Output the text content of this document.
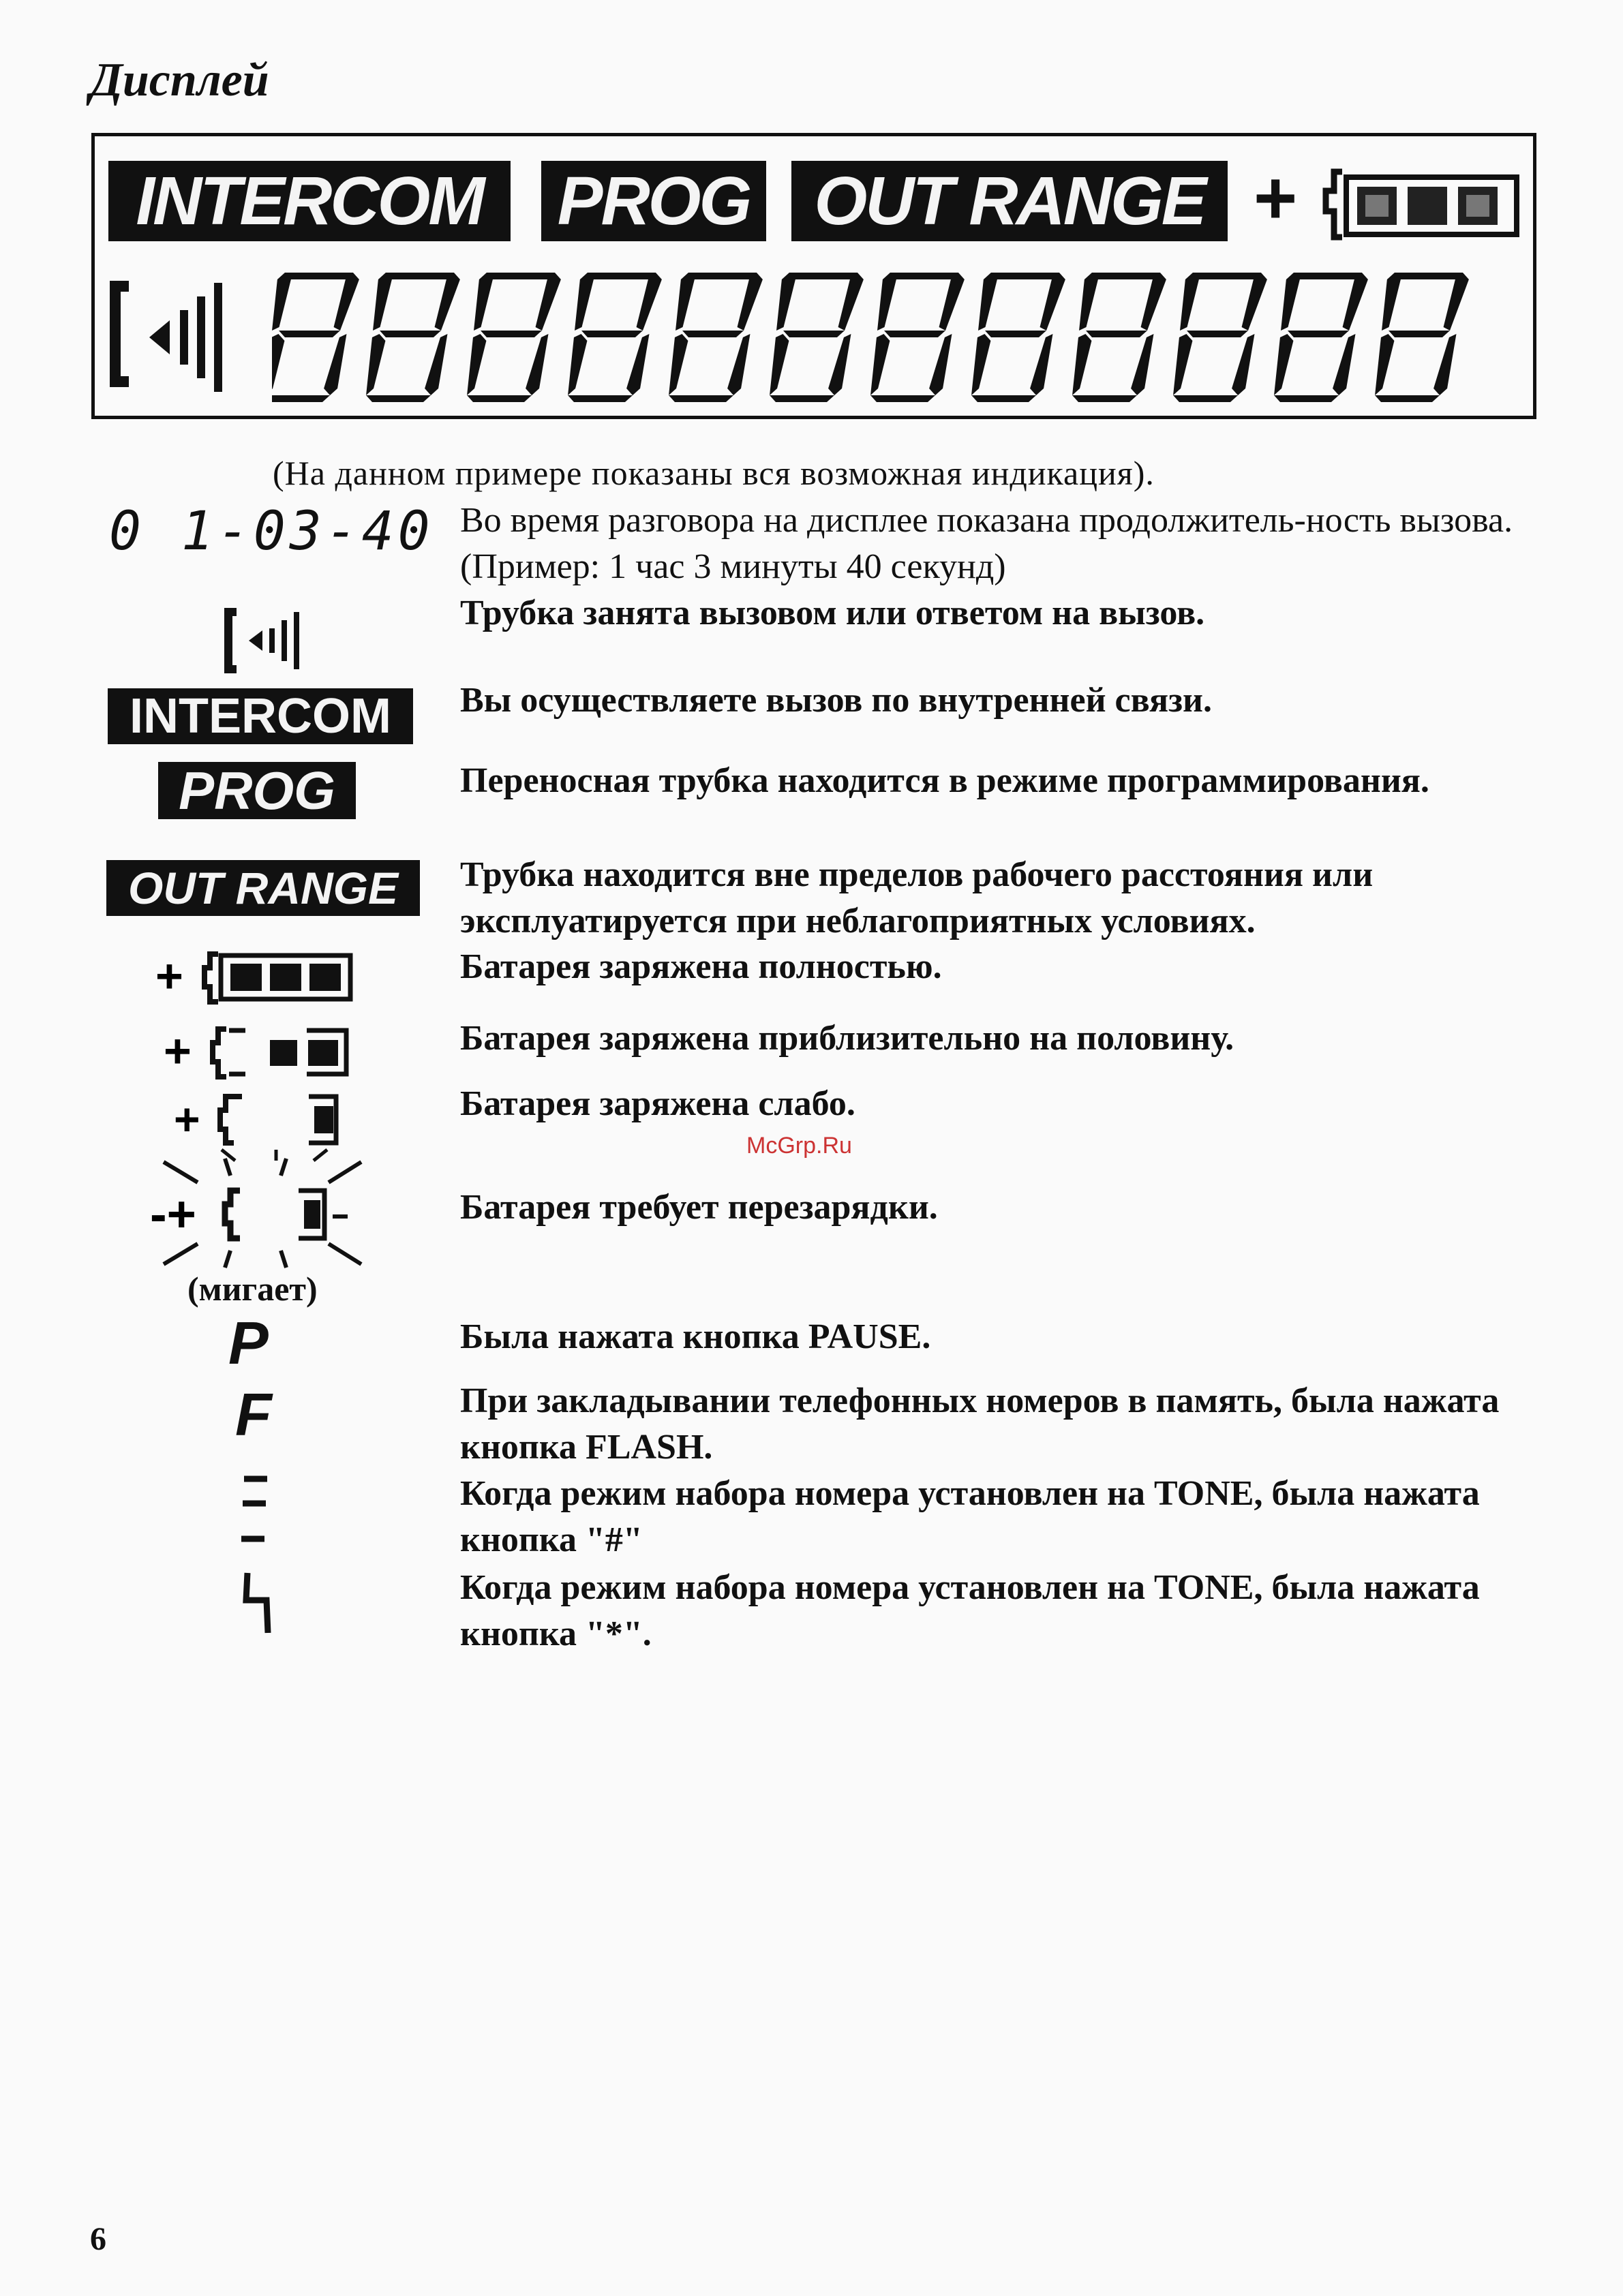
Дисплей
INTERCOM	PROG OUT RANGE +
(На данном примере показаны вся возможная индикация).
0 1-03-40
INTERCOM
PROG
OUT RANGE
+
+
+
-+
(мигает)
P
F
Во время разговора на дисплее показана продолжитель-ность вызова. (Пример: 1 час 3 минуты 40 секунд)
Трубка занята вызовом или ответом на вызов.
Вы осуществляете вызов по внутренней связи.
Переносная трубка находится в режиме программирования.
Трубка находится вне пределов рабочего расстояния или эксплуатируется при неблагоприятных условиях.
Батарея заряжена полностью.
Батарея заряжена приблизительно на половину.
Батарея заряжена слабо.
Батарея требует перезарядки.
Была нажата кнопка PAUSE.
При закладывании телефонных номеров в память, была нажата кнопка FLASH.
Когда режим набора номера установлен на TONE, была нажата кнопка "#"
Когда режим набора номера установлен на TONE, была нажата кнопка "*".
McGrp.Ru
6
